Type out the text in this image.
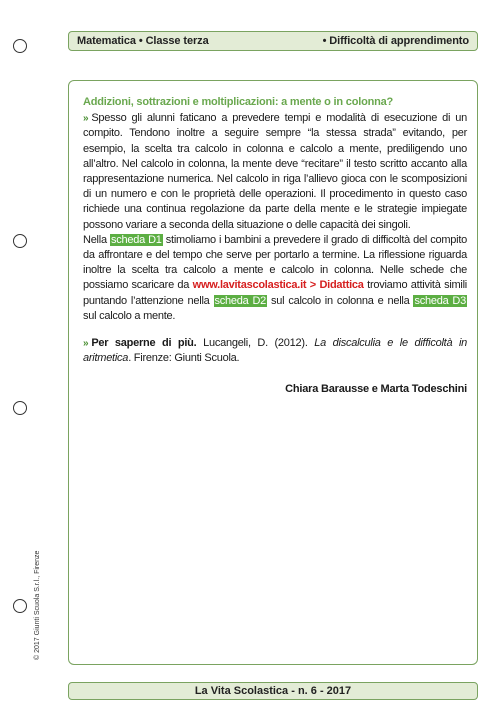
Matematica • Classe terza	• Difficoltà di apprendimento
Addizioni, sottrazioni e moltiplicazioni: a mente o in colonna?
» Spesso gli alunni faticano a prevedere tempi e modalità di esecuzione di un compito. Tendono inoltre a seguire sempre “la stessa strada” evitando, per esempio, la scelta tra calcolo in colonna e calcolo a mente, prediligendo uno all’altro. Nel calcolo in colonna, la mente deve “recitare” il testo scritto accanto alla rappresentazione numerica. Nel calcolo in riga l’allievo gioca con le scomposizioni di un numero e con le proprietà delle operazioni. Il procedimento in questo caso richiede una continua regolazione da parte della mente e le strategie impiegate possono variare a seconda della situazione o delle capacità dei singoli.
Nella scheda D1 stimoliamo i bambini a prevedere il grado di difficoltà del compito da affrontare e del tempo che serve per portarlo a termine. La riflessione riguarda inoltre la scelta tra calcolo a mente e calcolo in colonna. Nelle schede che possiamo scaricare da www.lavitascolastica.it > Didattica troviamo attività simili puntando l’attenzione nella scheda D2 sul calcolo in colonna e nella scheda D3 sul calcolo a mente.
» Per saperne di più. Lucangeli, D. (2012). La discalculia e le difficoltà in aritmetica. Firenze: Giunti Scuola.
Chiara Barausse e Marta Todeschini
© 2017 Giunti Scuola S.r.l., Firenze
La Vita Scolastica - n. 6 - 2017
